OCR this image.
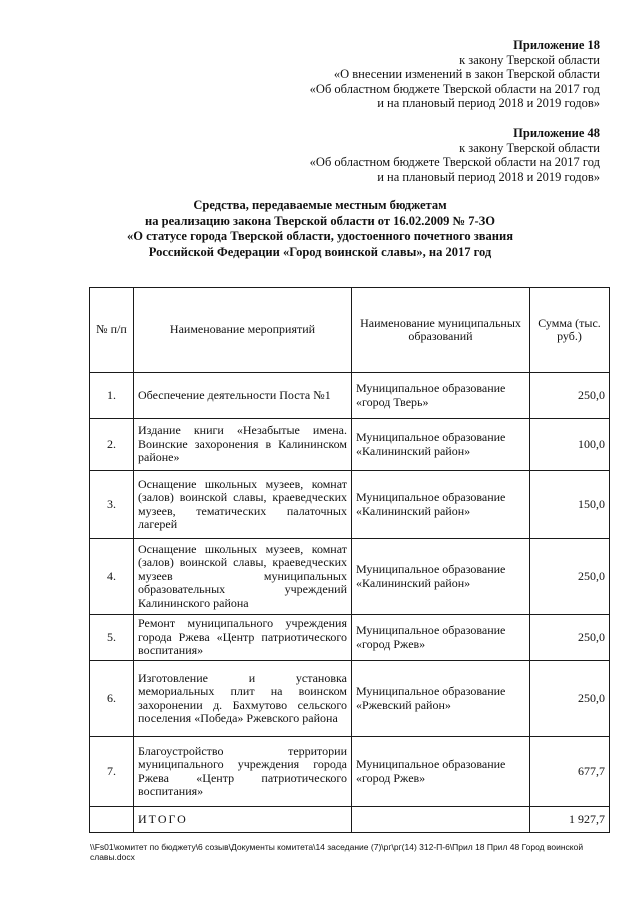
Приложение 18
к закону Тверской области
«О внесении изменений в закон Тверской области
«Об областном бюджете Тверской области на 2017 год
и на плановый период 2018 и 2019 годов»
Приложение 48
к закону Тверской области
«Об областном бюджете Тверской области на 2017 год
и на плановый период 2018 и 2019 годов»
Средства, передаваемые местным бюджетам
на реализацию закона Тверской области от 16.02.2009 № 7-ЗО
«О статусе города Тверской области, удостоенного почетного звания
Российской Федерации «Город воинской славы», на 2017 год
№ п/п	Наименование мероприятий	Наименование муниципальных образований	Сумма (тыс. руб.)
1.	Обеспечение деятельности Поста №1	Муниципальное образование «город Тверь»	250,0
2.	Издание книги «Незабытые имена. Воинские захоронения в Калининском районе»	Муниципальное образование «Калининский район»	100,0
3.	Оснащение школьных музеев, комнат (залов) воинской славы, краеведческих музеев, тематических палаточных лагерей	Муниципальное образование «Калининский район»	150,0
4.	Оснащение школьных музеев, комнат (залов) воинской славы, краеведческих музеев муниципальных образовательных учреждений Калининского района	Муниципальное образование «Калининский район»	250,0
5.	Ремонт муниципального учреждения города Ржева «Центр патриотического воспитания»	Муниципальное образование «город Ржев»	250,0
6.	Изготовление и установка мемориальных плит на воинском захоронении д. Бахмутово сельского поселения «Победа» Ржевского района	Муниципальное образование «Ржевский район»	250,0
7.	Благоустройство территории муниципального учреждения города Ржева «Центр патриотического воспитания»	Муниципальное образование «город Ржев»	677,7
	ИТОГО		1 927,7
\\Fs01\комитет по бюджету\6 созыв\Документы комитета\14 заседание (7)\рг\рг(14) 312-П-6\Прил 18 Прил 48 Город воинской славы.docx
